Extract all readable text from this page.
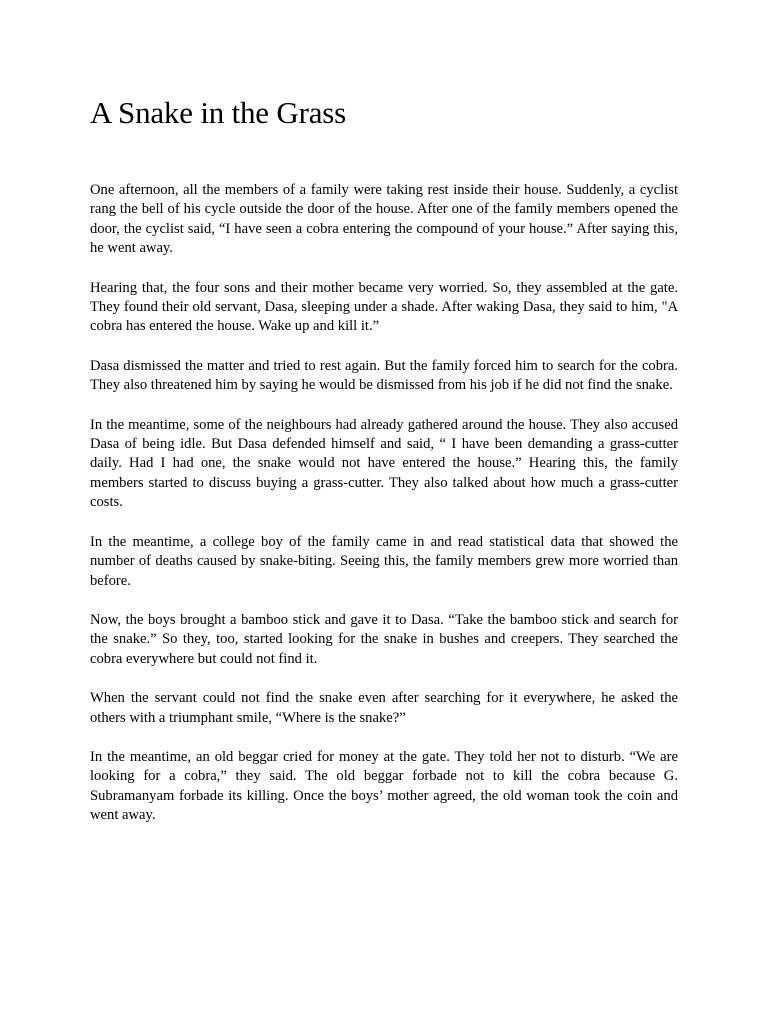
A Snake in the Grass

One afternoon, all the members of a family were taking rest inside their house. Suddenly, a cyclist rang the bell of his cycle outside the door of the house. After one of the family members opened the door, the cyclist said, “I have seen a cobra entering the compound of your house.” After saying this, he went away.

Hearing that, the four sons and their mother became very worried. So, they assembled at the gate. They found their old servant, Dasa, sleeping under a shade. After waking Dasa, they said to him, "A cobra has entered the house. Wake up and kill it.”

Dasa dismissed the matter and tried to rest again. But the family forced him to search for the cobra. They also threatened him by saying he would be dismissed from his job if he did not find the snake.

In the meantime, some of the neighbours had already gathered around the house. They also accused Dasa of being idle. But Dasa defended himself and said, “ I have been demanding a grass-cutter daily. Had I had one, the snake would not have entered the house.” Hearing this, the family members started to discuss buying a grass-cutter. They also talked about how much a grass-cutter costs.

In the meantime, a college boy of the family came in and read statistical data that showed the number of deaths caused by snake-biting. Seeing this, the family members grew more worried than before.

Now, the boys brought a bamboo stick and gave it to Dasa. “Take the bamboo stick and search for the snake.” So they, too, started looking for the snake in bushes and creepers. They searched the cobra everywhere but could not find it.

When the servant could not find the snake even after searching for it everywhere, he asked the others with a triumphant smile, “Where is the snake?”

In the meantime, an old beggar cried for money at the gate. They told her not to disturb. “We are looking for a cobra,” they said. The old beggar forbade not to kill the cobra because G. Subramanyam forbade its killing. Once the boys’ mother agreed, the old woman took the coin and went away.
